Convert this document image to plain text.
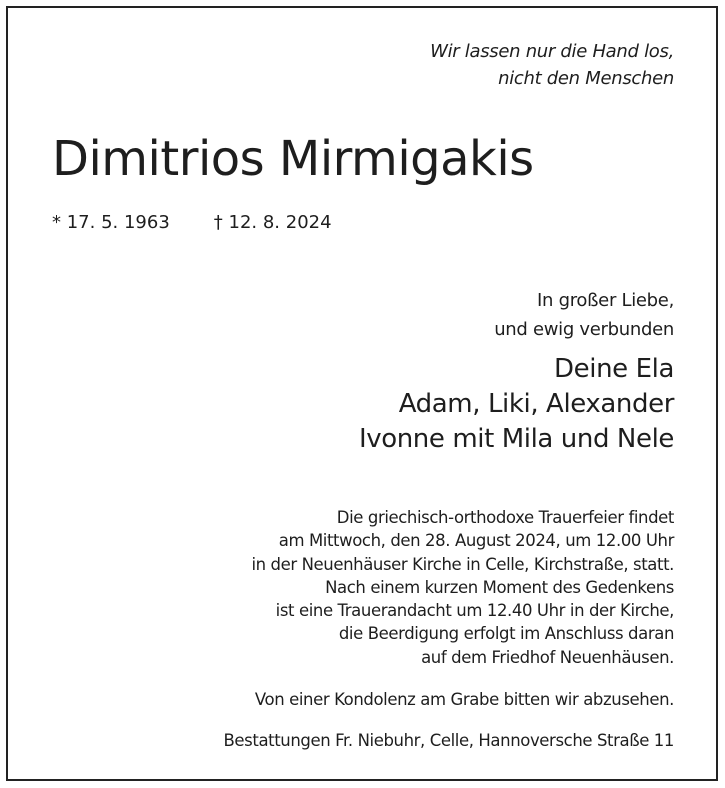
Wir lassen nur die Hand los,
nicht den Menschen
Dimitrios Mirmigakis
* 17. 5. 1963 † 12. 8. 2024
In großer Liebe,
und ewig verbunden
Deine Ela
Adam, Liki, Alexander
Ivonne mit Mila und Nele
Die griechisch-orthodoxe Trauerfeier findet
am Mittwoch, den 28. August 2024, um 12.00 Uhr
in der Neuenhäuser Kirche in Celle, Kirchstraße, statt.
Nach einem kurzen Moment des Gedenkens
ist eine Trauerandacht um 12.40 Uhr in der Kirche,
die Beerdigung erfolgt im Anschluss daran
auf dem Friedhof Neuenhäusen.
Von einer Kondolenz am Grabe bitten wir abzusehen.
Bestattungen Fr. Niebuhr, Celle, Hannoversche Straße 11
